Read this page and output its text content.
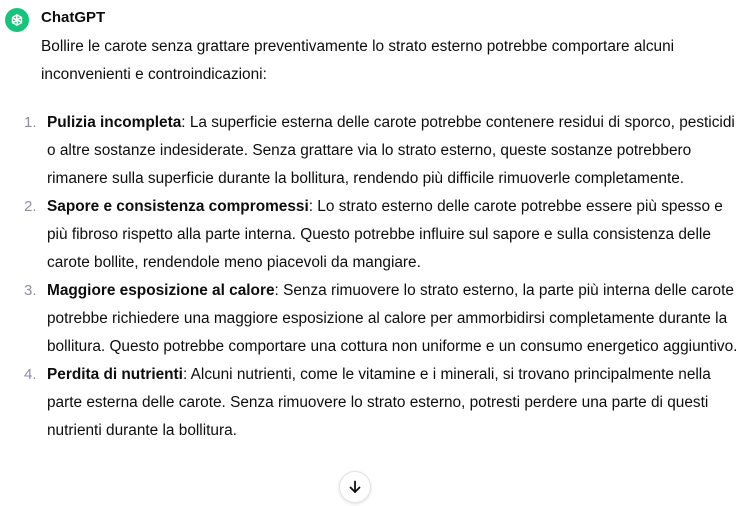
ChatGPT

Bollire le carote senza grattare preventivamente lo strato esterno potrebbe comportare alcuni inconvenienti e controindicazioni:

1. Pulizia incompleta: La superficie esterna delle carote potrebbe contenere residui di sporco, pesticidi o altre sostanze indesiderate. Senza grattare via lo strato esterno, queste sostanze potrebbero rimanere sulla superficie durante la bollitura, rendendo più difficile rimuoverle completamente.
2. Sapore e consistenza compromessi: Lo strato esterno delle carote potrebbe essere più spesso e più fibroso rispetto alla parte interna. Questo potrebbe influire sul sapore e sulla consistenza delle carote bollite, rendendole meno piacevoli da mangiare.
3. Maggiore esposizione al calore: Senza rimuovere lo strato esterno, la parte più interna delle carote potrebbe richiedere una maggiore esposizione al calore per ammorbidirsi completamente durante la bollitura. Questo potrebbe comportare una cottura non uniforme e un consumo energetico aggiuntivo.
4. Perdita di nutrienti: Alcuni nutrienti, come le vitamine e i minerali, si trovano principalmente nella parte esterna delle carote. Senza rimuovere lo strato esterno, potresti perdere una parte di questi nutrienti durante la bollitura.
